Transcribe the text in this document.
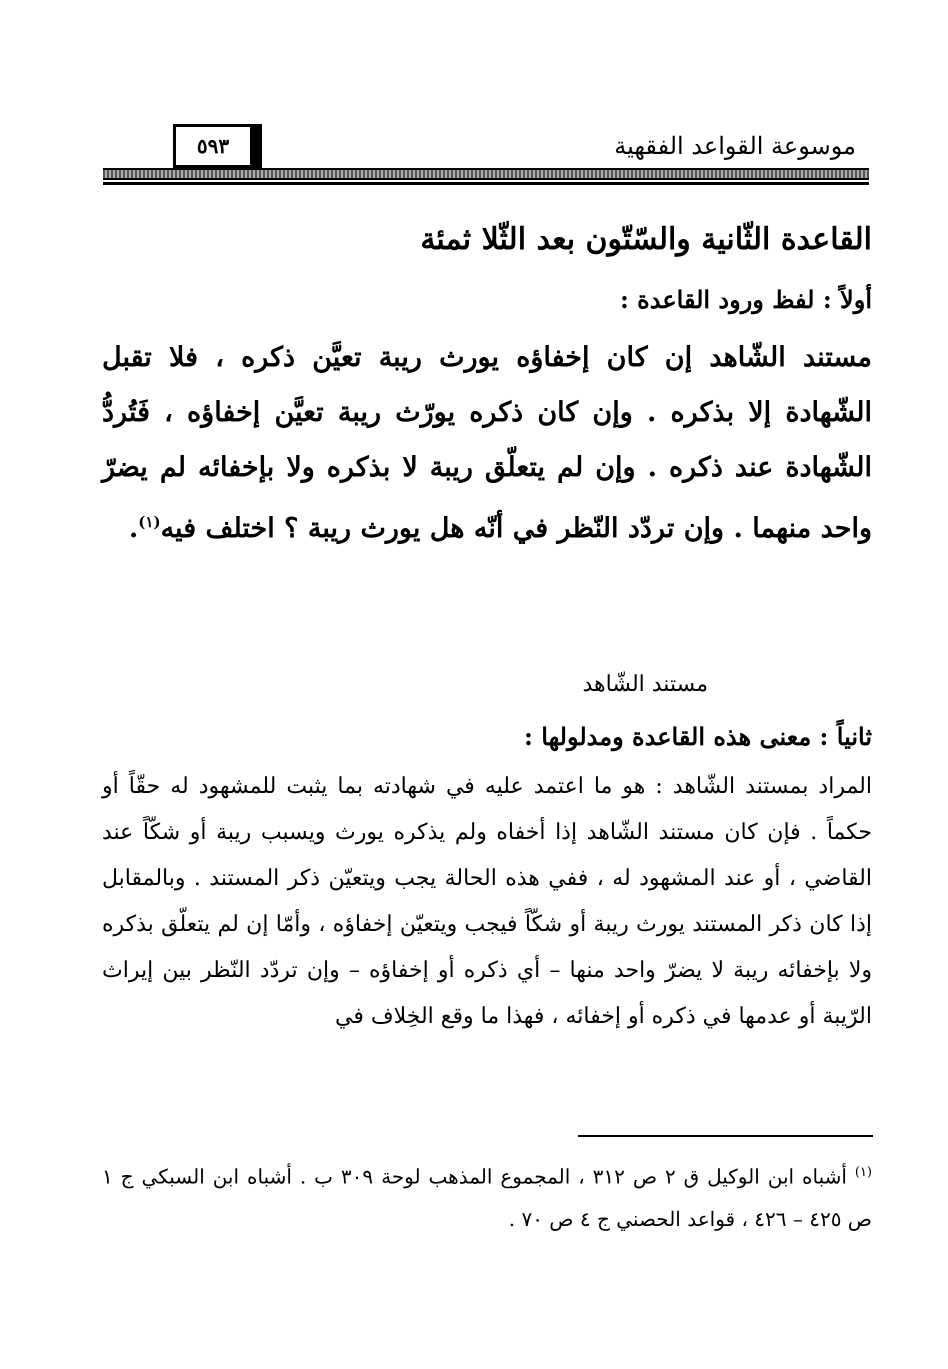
موسوعة القواعد الفقهية
٥٩٣
القاعدة الثّانية والسّتّون بعد الثّلا ثمئة
أولاً : لفظ ورود القاعدة :
مستند الشّاهد إن كان إخفاؤه يورث ريبة تعيَّن ذكره ، فلا تقبل الشّهادة إلا بذكره . وإن كان ذكره يورّث ريبة تعيَّن إخفاؤه ، فَتُردُّ الشّهادة عند ذكره . وإن لم يتعلّق ريبة لا بذكره ولا بإخفائه لم يضرّ واحد منهما . وإن تردّد النّظر في أنّه هل يورث ريبة ؟ اختلف فيه$^{(١)}$.
مستند الشّاهد
ثانياً : معنى هذه القاعدة ومدلولها :
المراد بمستند الشّاهد : هو ما اعتمد عليه في شهادته بما يثبت للمشهود له حقّاً أو حكماً . فإن كان مستند الشّاهد إذا أخفاه ولم يذكره يورث ويسبب ريبة أو شكّاً عند القاضي ، أو عند المشهود له ، ففي هذه الحالة يجب ويتعيّن ذكر المستند . وبالمقابل إذا كان ذكر المستند يورث ريبة أو شكّاً فيجب ويتعيّن إخفاؤه ، وأمّا إن لم يتعلّق بذكره ولا بإخفائه ريبة لا يضرّ واحد منها – أي ذكره أو إخفاؤه – وإن تردّد النّظر بين إيراث الرّيبة أو عدمها في ذكره أو إخفائه ، فهذا ما وقع الخِلاف في
$^{(١)}$ أشباه ابن الوكيل ق ٢ ص ٣١٢ ، المجموع المذهب لوحة ٣٠٩ ب . أشباه ابن السبكي ج ١ ص ٤٢٥ – ٤٢٦ ، قواعد الحصني ج ٤ ص ٧٠ .
